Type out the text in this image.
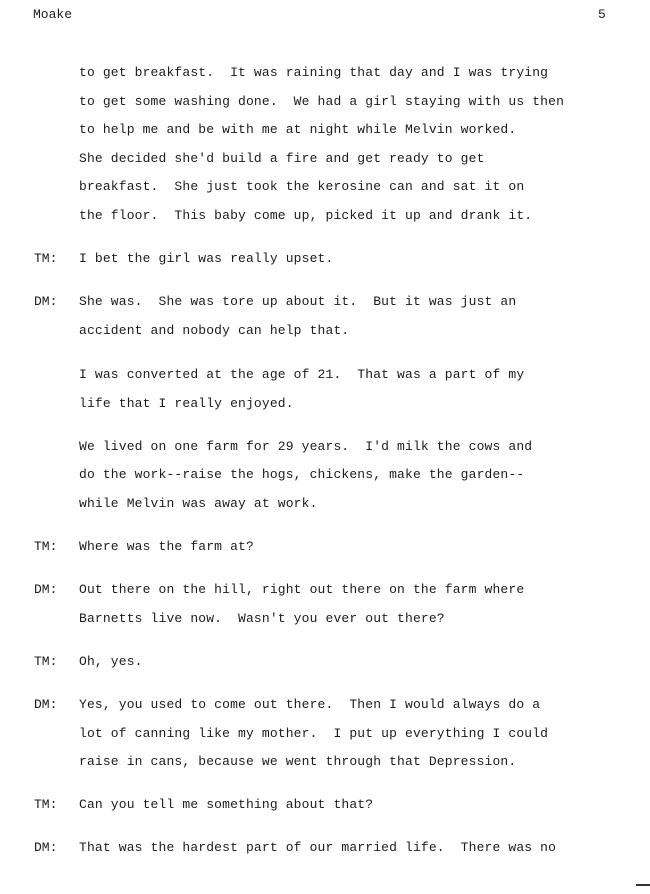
Moake	5
to get breakfast.  It was raining that day and I was trying
to get some washing done.  We had a girl staying with us then
to help me and be with me at night while Melvin worked.
She decided she'd build a fire and get ready to get
breakfast.  She just took the kerosine can and sat it on
the floor.  This baby come up, picked it up and drank it.
TM: I bet the girl was really upset.
DM: She was.  She was tore up about it.  But it was just an
accident and nobody can help that.
I was converted at the age of 21.  That was a part of my
life that I really enjoyed.
We lived on one farm for 29 years.  I'd milk the cows and
do the work--raise the hogs, chickens, make the garden--
while Melvin was away at work.
TM: Where was the farm at?
DM: Out there on the hill, right out there on the farm where
Barnetts live now.  Wasn't you ever out there?
TM: Oh, yes.
DM: Yes, you used to come out there.  Then I would always do a
lot of canning like my mother.  I put up everything I could
raise in cans, because we went through that Depression.
TM: Can you tell me something about that?
DM: That was the hardest part of our married life.  There was no
